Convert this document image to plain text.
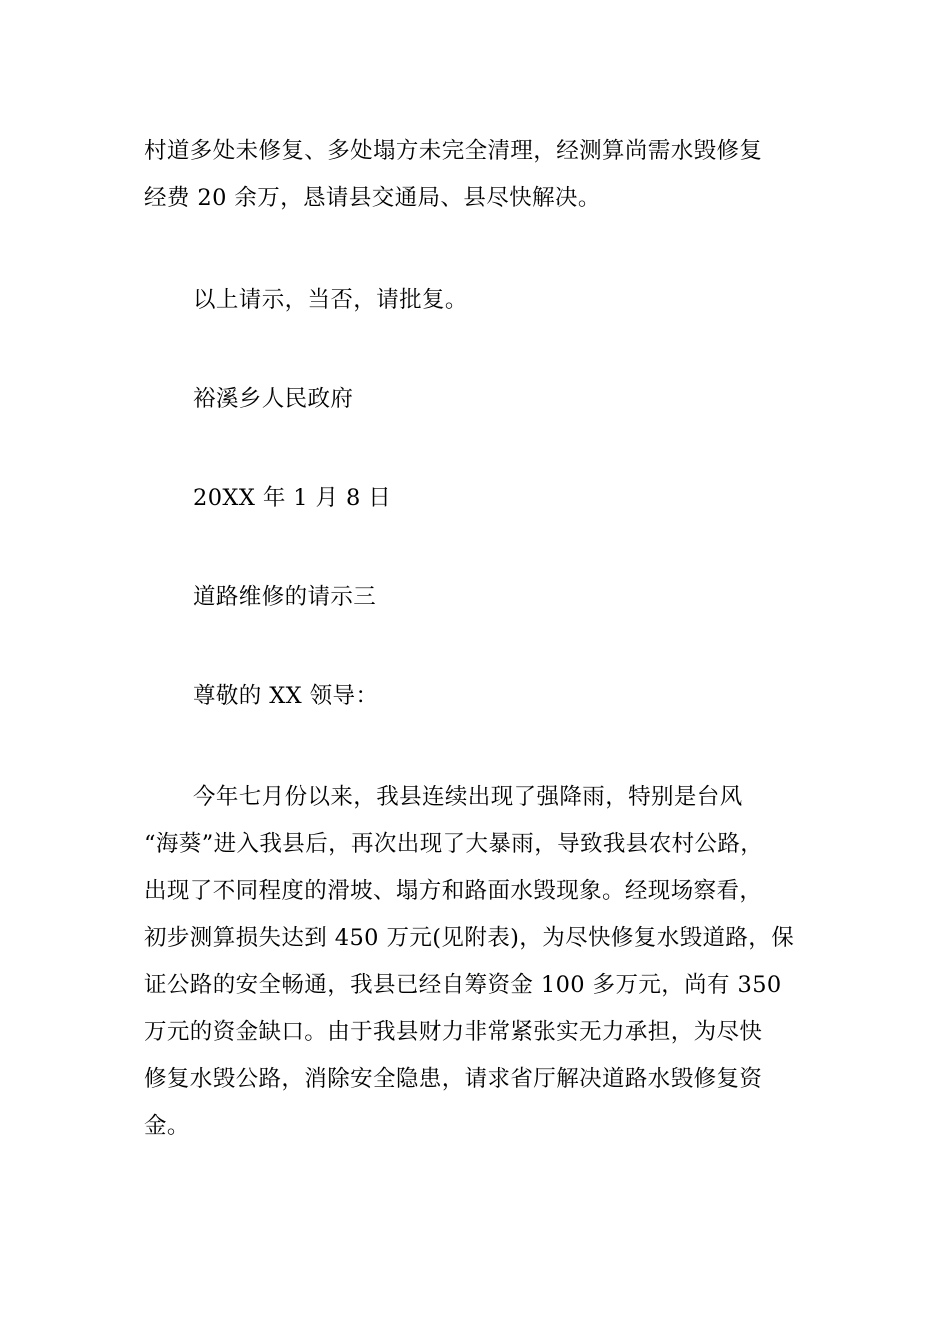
村道多处未修复、多处塌方未完全清理，经测算尚需水毁修复
经费 20 余万，恳请县交通局、县尽快解决。

以上请示，当否，请批复。

裕溪乡人民政府

20XX 年 1 月 8 日

道路维修的请示三

尊敬的 XX 领导：

今年七月份以来，我县连续出现了强降雨，特别是台风
“海葵”进入我县后，再次出现了大暴雨，导致我县农村公路，
出现了不同程度的滑坡、塌方和路面水毁现象。经现场察看，
初步测算损失达到 450 万元(见附表)，为尽快修复水毁道路，保
证公路的安全畅通，我县已经自筹资金 100 多万元，尚有 350
万元的资金缺口。由于我县财力非常紧张实无力承担，为尽快
修复水毁公路，消除安全隐患，请求省厅解决道路水毁修复资
金。
